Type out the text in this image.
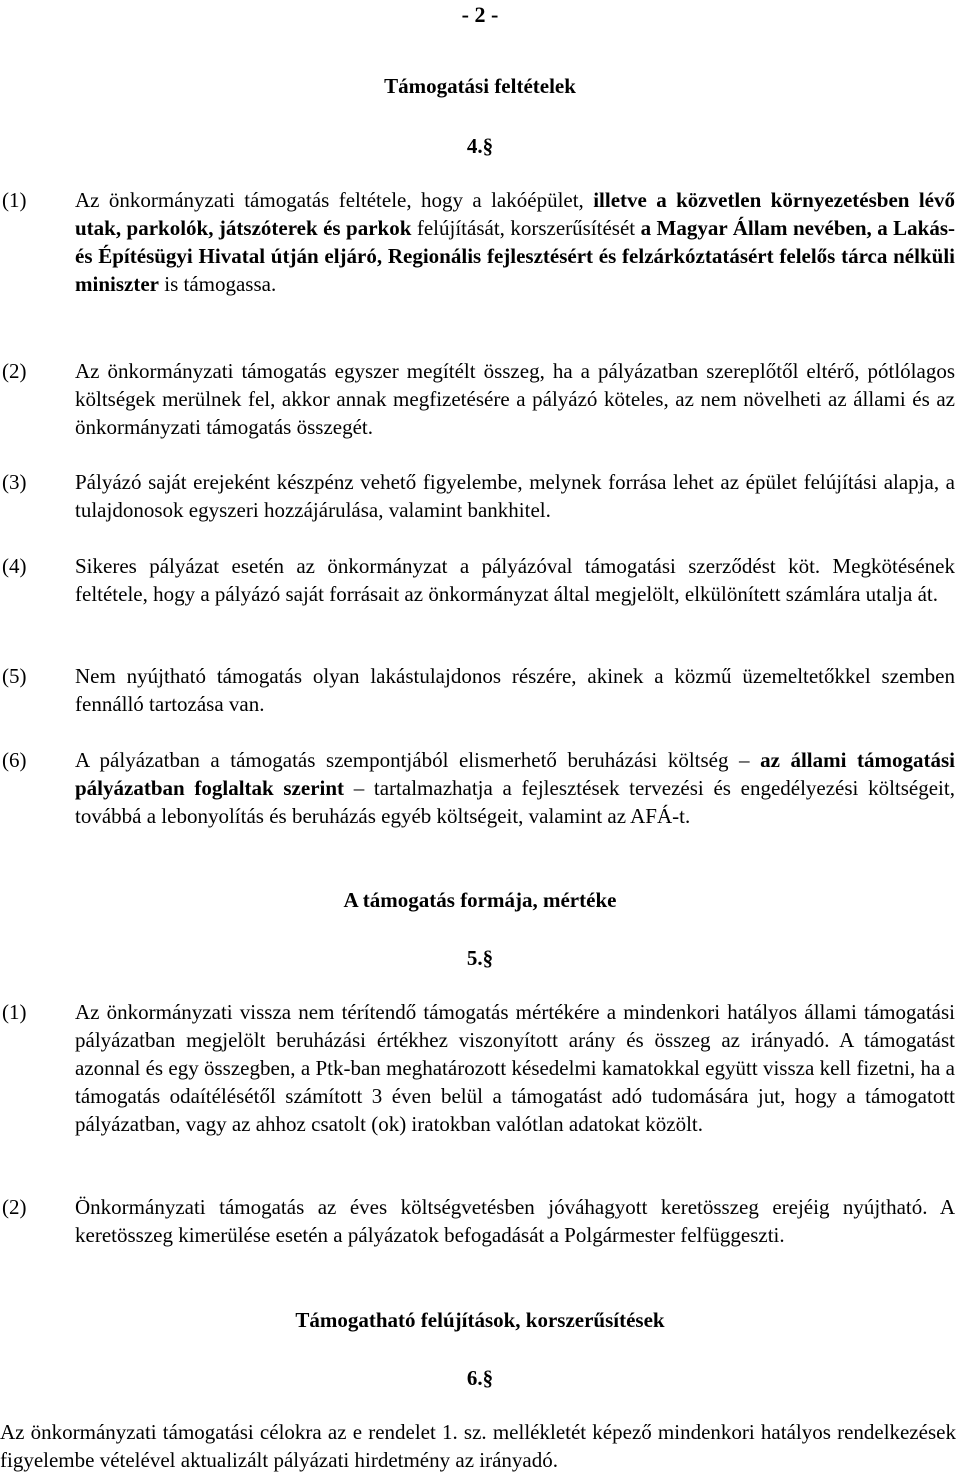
- 2 -
Támogatási feltételek
4.§
(1) Az önkormányzati támogatás feltétele, hogy a lakóépület, illetve a közvetlen környezetésben lévő utak, parkolók, játszóterek és parkok felújítását, korszerűsítését a Magyar Állam nevében, a Lakás- és Építésügyi Hivatal útján eljáró, Regionális fejlesztésért és felzárkóztatásért felelős tárca nélküli miniszter is támogassa.
(2) Az önkormányzati támogatás egyszer megítélt összeg, ha a pályázatban szereplőtől eltérő, pótlólagos költségek merülnek fel, akkor annak megfizetésére a pályázó köteles, az nem növelheti az állami és az önkormányzati támogatás összegét.
(3) Pályázó saját erejeként készpénz vehető figyelembe, melynek forrása lehet az épület felújítási alapja, a tulajdonosok egyszeri hozzájárulása, valamint bankhitel.
(4) Sikeres pályázat esetén az önkormányzat a pályázóval támogatási szerződést köt. Megkötésének feltétele, hogy a pályázó saját forrásait az önkormányzat által megjelölt, elkülönített számlára utalja át.
(5) Nem nyújtható támogatás olyan lakástulajdonos részére, akinek a közmű üzemeltetőkkel szemben fennálló tartozása van.
(6) A pályázatban a támogatás szempontjából elismerhető beruházási költség – az állami támogatási pályázatban foglaltak szerint – tartalmazhatja a fejlesztések tervezési és engedélyezési költségeit, továbbá a lebonyolítás és beruházás egyéb költségeit, valamint az AFÁ-t.
A támogatás formája, mértéke
5.§
(1) Az önkormányzati vissza nem térítendő támogatás mértékére a mindenkori hatályos állami támogatási pályázatban megjelölt beruházási értékhez viszonyított arány és összeg az irányadó. A támogatást azonnal és egy összegben, a Ptk-ban meghatározott késedelmi kamatokkal együtt vissza kell fizetni, ha a támogatás odaítélésétől számított 3 éven belül a támogatást adó tudomására jut, hogy a támogatott pályázatban, vagy az ahhoz csatolt (ok) iratokban valótlan adatokat közölt.
(2) Önkormányzati támogatás az éves költségvetésben jóváhagyott keretösszeg erejéig nyújtható. A keretösszeg kimerülése esetén a pályázatok befogadását a Polgármester felfüggeszti.
Támogatható felújítások, korszerűsítések
6.§
Az önkormányzati támogatási célokra az e rendelet 1. sz. mellékletét képező mindenkori hatályos rendelkezések figyelembe vételével aktualizált pályázati hirdetmény az irányadó.
